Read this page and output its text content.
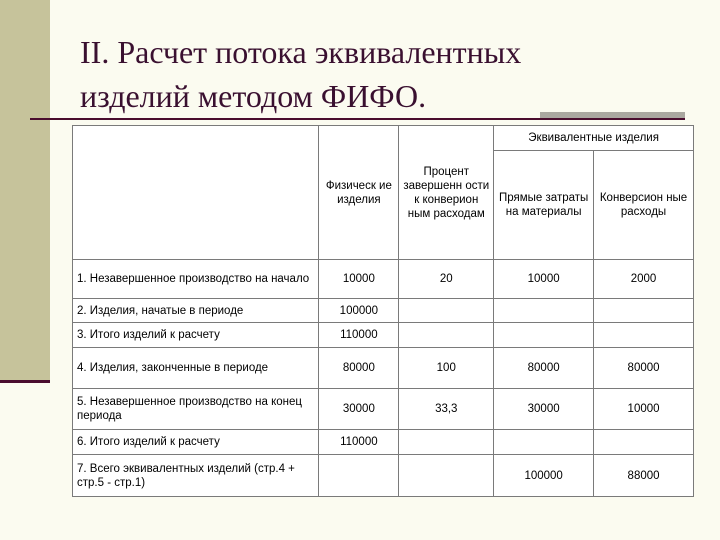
II. Расчет потока эквивалентных
изделий методом ФИФО.
	Физическ ие изделия	Процент завершенн ости к конверион ным расходам	Эквивалентные изделия	
			Прямые затраты на материалы	Конверсион ные расходы
1. Незавершенное производство на начало	10000	20	10000	2000
2. Изделия, начатые в периоде	100000			
3. Итого изделий к расчету	110000			
4. Изделия, законченные в периоде	80000	100	80000	80000
5. Незавершенное производство на конец периода	30000	33,3	30000	10000
6. Итого изделий к расчету	110000			
7. Всего эквивалентных изделий (стр.4 + стр.5 - стр.1)			100000	88000
